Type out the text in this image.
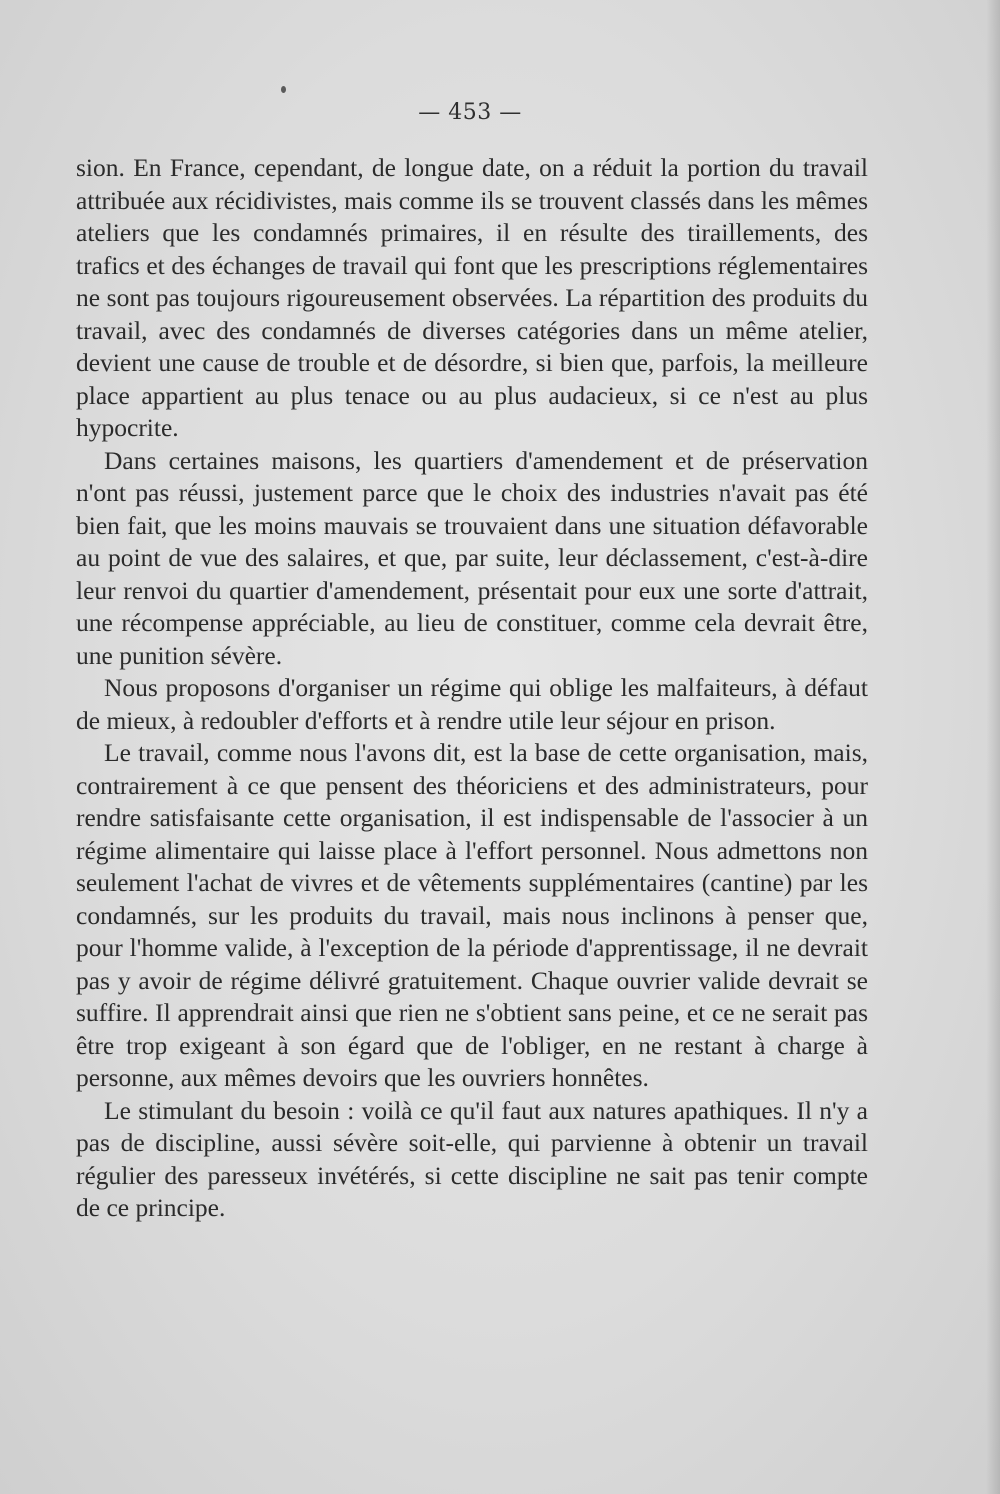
— 453 —

sion. En France, cependant, de longue date, on a réduit la portion du travail attribuée aux récidivistes, mais comme ils se trouvent classés dans les mêmes ateliers que les condamnés primaires, il en résulte des tiraillements, des trafics et des échanges de travail qui font que les prescriptions réglementaires ne sont pas toujours rigoureusement observées. La répartition des produits du travail, avec des condamnés de diverses catégories dans un même atelier, devient une cause de trouble et de désordre, si bien que, parfois, la meilleure place appartient au plus tenace ou au plus audacieux, si ce n'est au plus hypocrite.

Dans certaines maisons, les quartiers d'amendement et de préservation n'ont pas réussi, justement parce que le choix des industries n'avait pas été bien fait, que les moins mauvais se trouvaient dans une situation défavorable au point de vue des salaires, et que, par suite, leur déclassement, c'est-à-dire leur renvoi du quartier d'amendement, présentait pour eux une sorte d'attrait, une récompense appréciable, au lieu de constituer, comme cela devrait être, une punition sévère.

Nous proposons d'organiser un régime qui oblige les malfaiteurs, à défaut de mieux, à redoubler d'efforts et à rendre utile leur séjour en prison.

Le travail, comme nous l'avons dit, est la base de cette organisation, mais, contrairement à ce que pensent des théoriciens et des administrateurs, pour rendre satisfaisante cette organisation, il est indispensable de l'associer à un régime alimentaire qui laisse place à l'effort personnel. Nous admettons non seulement l'achat de vivres et de vêtements supplémentaires (cantine) par les condamnés, sur les produits du travail, mais nous inclinons à penser que, pour l'homme valide, à l'exception de la période d'apprentissage, il ne devrait pas y avoir de régime délivré gratuitement. Chaque ouvrier valide devrait se suffire. Il apprendrait ainsi que rien ne s'obtient sans peine, et ce ne serait pas être trop exigeant à son égard que de l'obliger, en ne restant à charge à personne, aux mêmes devoirs que les ouvriers honnêtes.

Le stimulant du besoin : voilà ce qu'il faut aux natures apathiques. Il n'y a pas de discipline, aussi sévère soit-elle, qui parvienne à obtenir un travail régulier des paresseux invétérés, si cette discipline ne sait pas tenir compte de ce principe.
